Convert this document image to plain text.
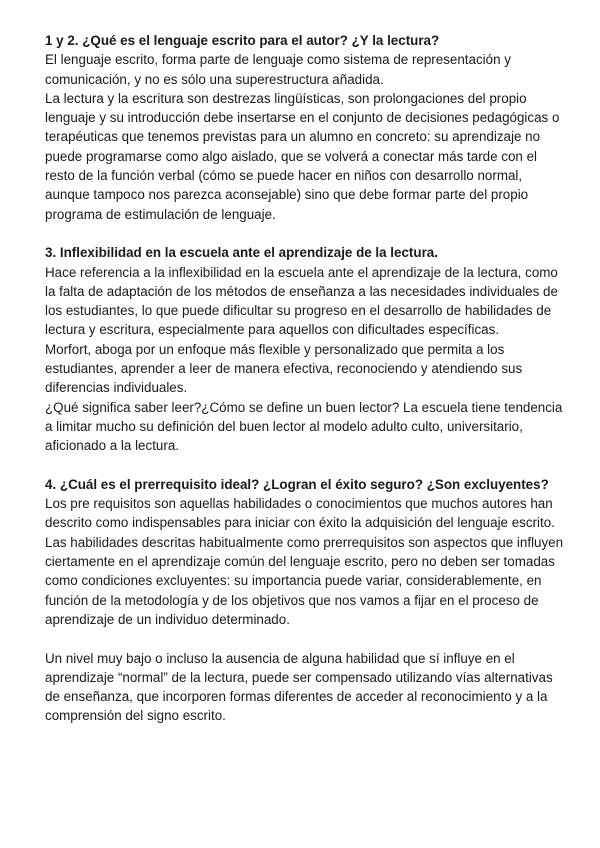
1 y 2. ¿Qué es el lenguaje escrito para el autor? ¿Y la lectura?

El lenguaje escrito, forma parte de lenguaje como sistema de representación y comunicación, y no es sólo una superestructura añadida.

La lectura y la escritura son destrezas lingüísticas, son prolongaciones del propio lenguaje y su introducción debe insertarse en el conjunto de decisiones pedagógicas o terapéuticas que tenemos previstas para un alumno en concreto: su aprendizaje no puede programarse como algo aislado, que se volverá a conectar más tarde con el resto de la función verbal (cómo se puede hacer en niños con desarrollo normal, aunque tampoco nos parezca aconsejable) sino que debe formar parte del propio programa de estimulación de lenguaje.

3. Inflexibilidad en la escuela ante el aprendizaje de la lectura.

Hace referencia a la inflexibilidad en la escuela ante el aprendizaje de la lectura, como la falta de adaptación de los métodos de enseñanza a las necesidades individuales de los estudiantes, lo que puede dificultar su progreso en el desarrollo de habilidades de lectura y escritura, especialmente para aquellos con dificultades específicas.

Morfort, aboga por un enfoque más flexible y personalizado que permita a los estudiantes, aprender a leer de manera efectiva, reconociendo y atendiendo sus diferencias individuales.

¿Qué significa saber leer?¿Cómo se define un buen lector? La escuela tiene tendencia a limitar mucho su definición del buen lector al modelo adulto culto, universitario, aficionado a la lectura.

4. ¿Cuál es el prerrequisito ideal? ¿Logran el éxito seguro? ¿Son excluyentes?

Los pre requisitos son aquellas habilidades o conocimientos que muchos autores han descrito como indispensables para iniciar con éxito la adquisición del lenguaje escrito.

Las habilidades descritas habitualmente como prerrequisitos son aspectos que influyen ciertamente en el aprendizaje común del lenguaje escrito, pero no deben ser tomadas como condiciones excluyentes: su importancia puede variar, considerablemente, en función de la metodología y de los objetivos que nos vamos a fijar en el proceso de aprendizaje de un individuo determinado.

Un nivel muy bajo o incluso la ausencia de alguna habilidad que sí influye en el aprendizaje “normal” de la lectura, puede ser compensado utilizando vías alternativas de enseñanza, que incorporen formas diferentes de acceder al reconocimiento y a la comprensión del signo escrito.
